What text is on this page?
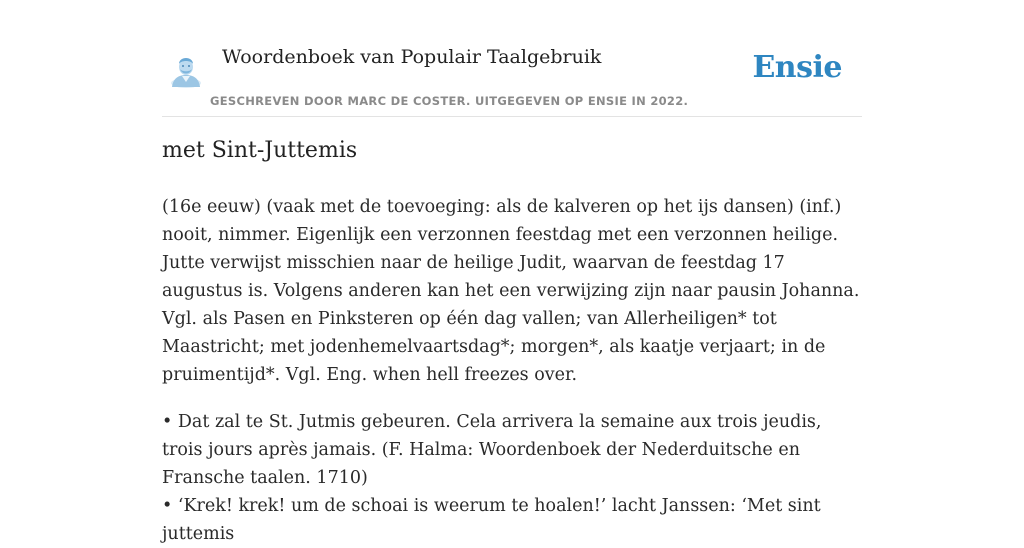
Woordenboek van Populair Taalgebruik	Ensie
GESCHREVEN DOOR MARC DE COSTER. UITGEGEVEN OP ENSIE IN 2022.
met Sint-Juttemis

(16e eeuw) (vaak met de toevoeging: als de kalveren op het ijs dansen) (inf.) nooit, nimmer. Eigenlijk een verzonnen feestdag met een verzonnen heilige. Jutte verwijst misschien naar de heilige Judit, waarvan de feestdag 17 augustus is. Volgens anderen kan het een verwijzing zijn naar pausin Johanna. Vgl. als Pasen en Pinksteren op één dag vallen; van Allerheiligen* tot Maastricht; met jodenhemelvaartsdag*; morgen*, als kaatje verjaart; in de pruimentijd*. Vgl. Eng. when hell freezes over.

• Dat zal te St. Jutmis gebeuren. Cela arrivera la semaine aux trois jeudis, trois jours après jamais. (F. Halma: Woordenboek der Nederduitsche en Fransche taalen. 1710)

• ‘Krek! krek! um de schoai is weerum te hoalen!’ lacht Janssen: ‘Met sint juttemis
